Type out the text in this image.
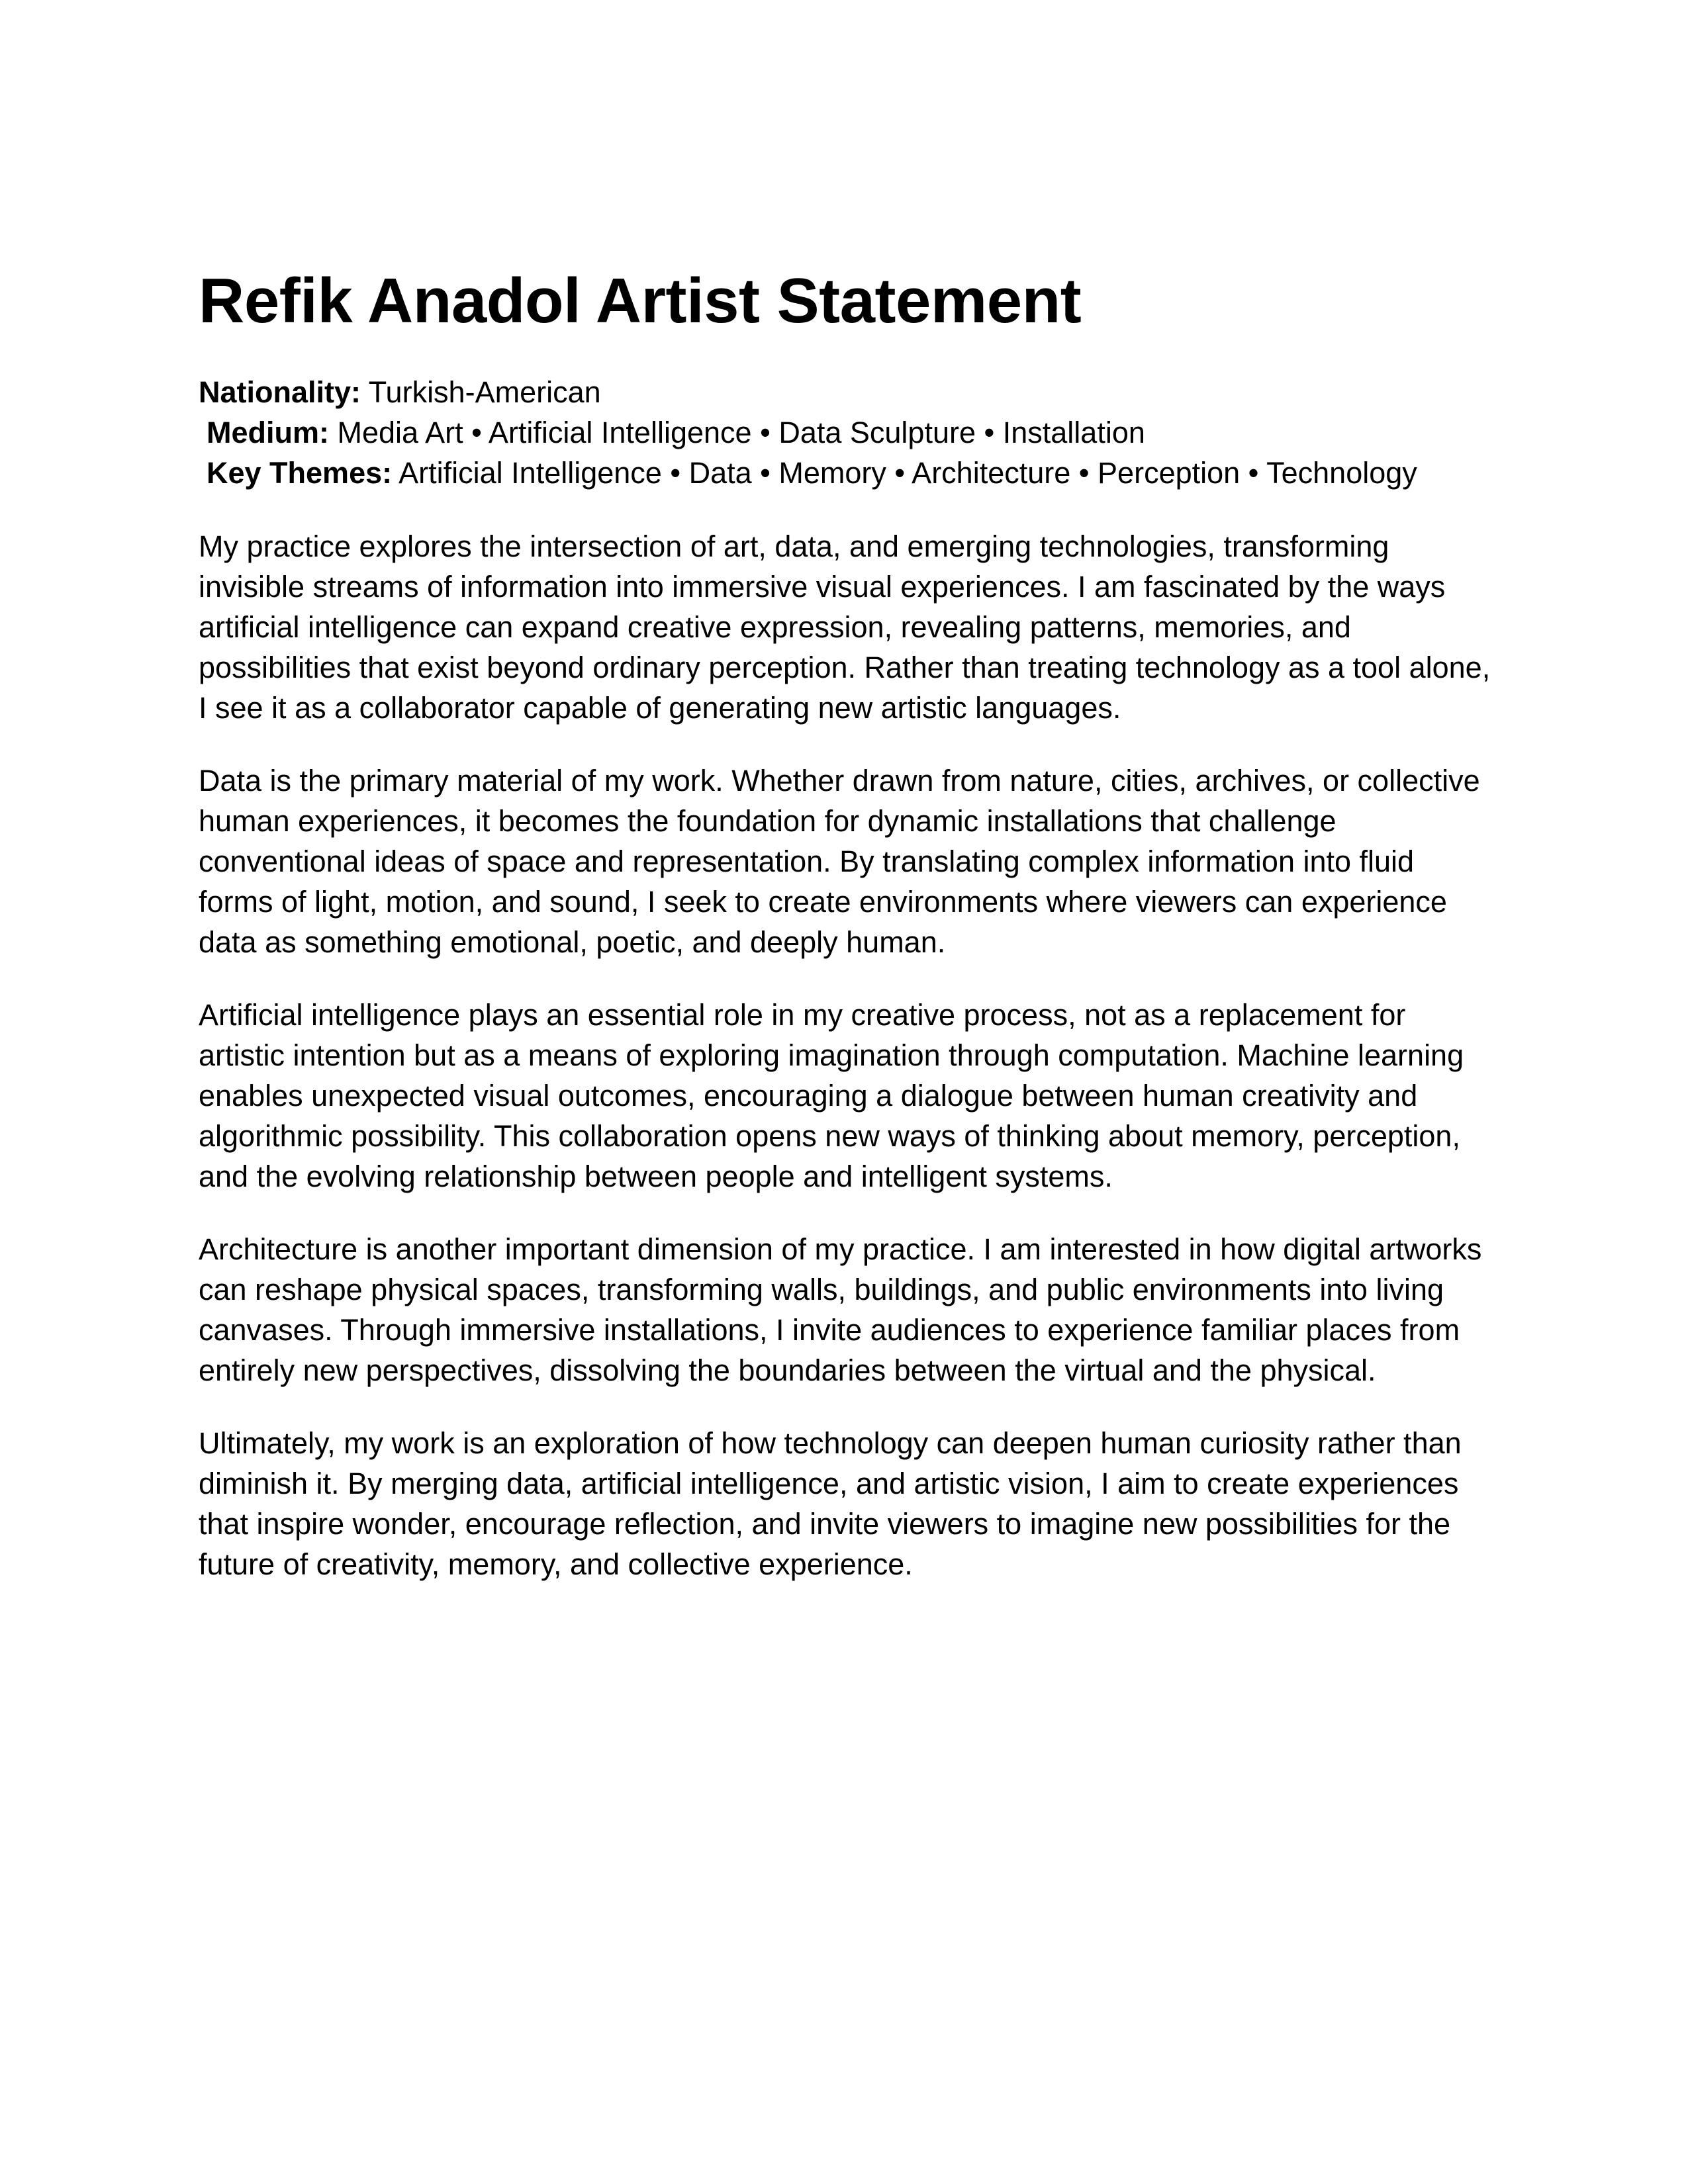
Refik Anadol Artist Statement
Nationality: Turkish-American
Medium: Media Art • Artificial Intelligence • Data Sculpture • Installation
Key Themes: Artificial Intelligence • Data • Memory • Architecture • Perception • Technology

My practice explores the intersection of art, data, and emerging technologies, transforming invisible streams of information into immersive visual experiences. I am fascinated by the ways artificial intelligence can expand creative expression, revealing patterns, memories, and possibilities that exist beyond ordinary perception. Rather than treating technology as a tool alone, I see it as a collaborator capable of generating new artistic languages.

Data is the primary material of my work. Whether drawn from nature, cities, archives, or collective human experiences, it becomes the foundation for dynamic installations that challenge conventional ideas of space and representation. By translating complex information into fluid forms of light, motion, and sound, I seek to create environments where viewers can experience data as something emotional, poetic, and deeply human.

Artificial intelligence plays an essential role in my creative process, not as a replacement for artistic intention but as a means of exploring imagination through computation. Machine learning enables unexpected visual outcomes, encouraging a dialogue between human creativity and algorithmic possibility. This collaboration opens new ways of thinking about memory, perception, and the evolving relationship between people and intelligent systems.

Architecture is another important dimension of my practice. I am interested in how digital artworks can reshape physical spaces, transforming walls, buildings, and public environments into living canvases. Through immersive installations, I invite audiences to experience familiar places from entirely new perspectives, dissolving the boundaries between the virtual and the physical.

Ultimately, my work is an exploration of how technology can deepen human curiosity rather than diminish it. By merging data, artificial intelligence, and artistic vision, I aim to create experiences that inspire wonder, encourage reflection, and invite viewers to imagine new possibilities for the future of creativity, memory, and collective experience.
